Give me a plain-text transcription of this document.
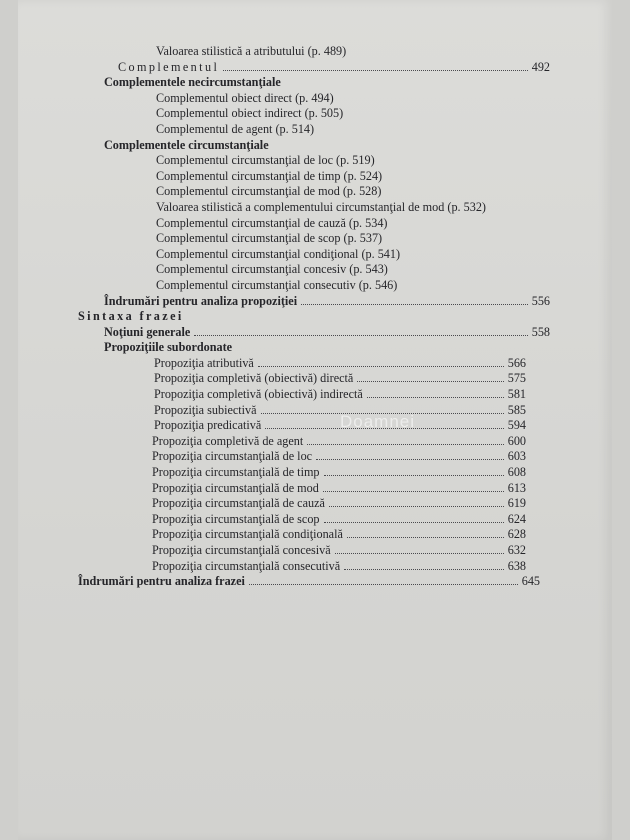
Valoarea stilistică a atributului (p. 489)
Complementul	492
Complementele necircumstanţiale
Complementul obiect direct (p. 494)
Complementul obiect indirect (p. 505)
Complementul de agent (p. 514)
Complementele circumstanţiale
Complementul circumstanţial de loc (p. 519)
Complementul circumstanţial de timp (p. 524)
Complementul circumstanţial de mod (p. 528)
Valoarea stilistică a complementului circumstanţial de mod (p. 532)
Complementul circumstanţial de cauză (p. 534)
Complementul circumstanţial de scop (p. 537)
Complementul circumstanţial condiţional (p. 541)
Complementul circumstanţial concesiv (p. 543)
Complementul circumstanţial consecutiv (p. 546)
Îndrumări pentru analiza propoziţiei	556
Sintaxa frazei
Noţiuni generale	558
Propoziţiile subordonate
Propoziţia atributivă	566
Propoziţia completivă (obiectivă) directă	575
Propoziţia completivă (obiectivă) indirectă	581
Propoziţia subiectivă	585
Propoziţia predicativă	594
Propoziţia completivă de agent	600
Propoziţia circumstanţială de loc	603
Propoziţia circumstanţială de timp	608
Propoziţia circumstanţială de mod	613
Propoziţia circumstanţială de cauză	619
Propoziţia circumstanţială de scop	624
Propoziţia circumstanţială condiţională	628
Propoziţia circumstanţială concesivă	632
Propoziţia circumstanţială consecutivă	638
Îndrumări pentru analiza frazei	645
Doamnei
